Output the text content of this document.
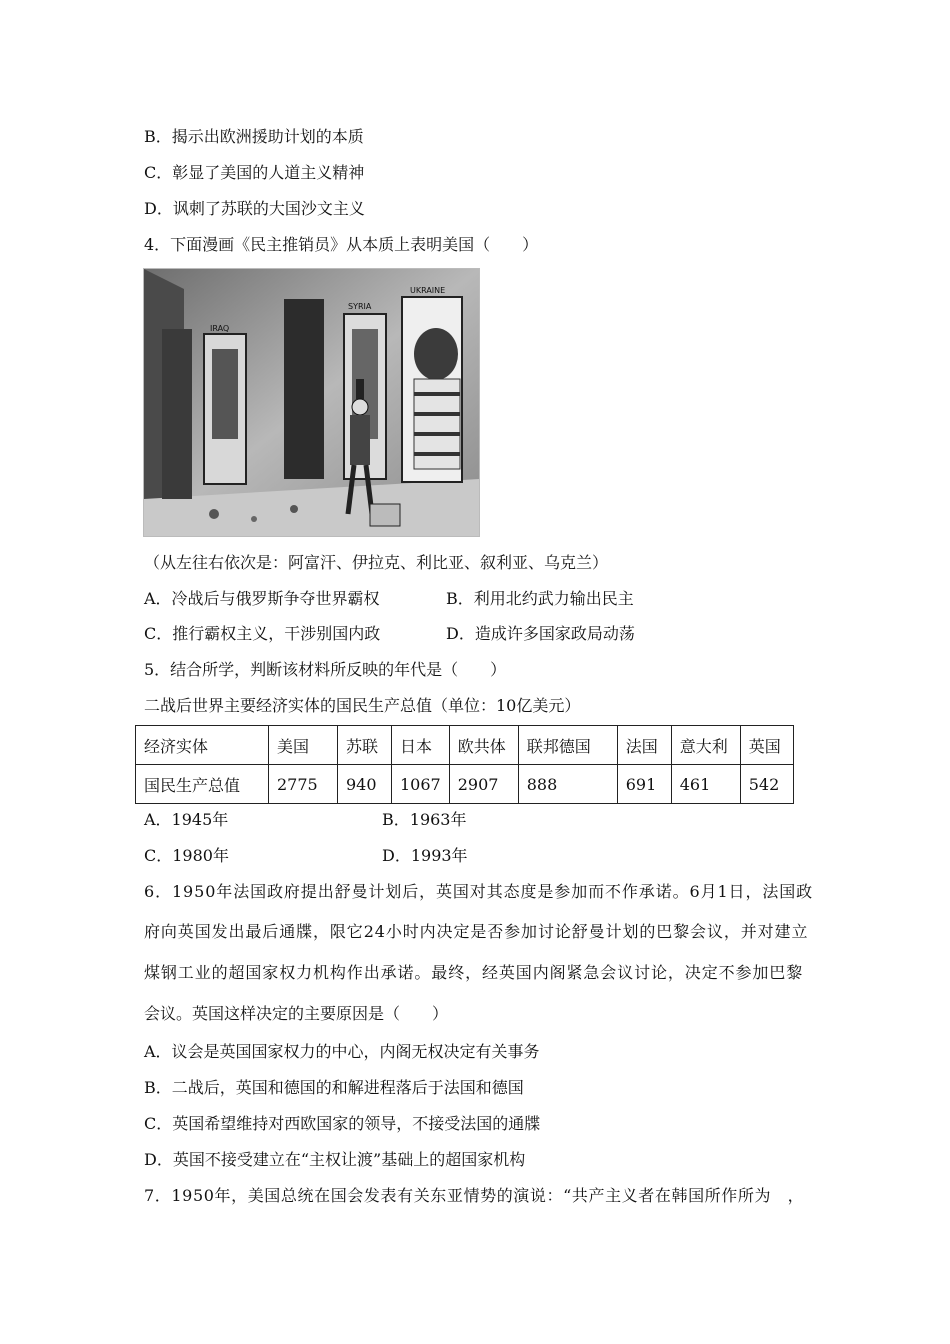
B．揭示出欧洲援助计划的本质
C．彰显了美国的人道主义精神
D．讽刺了苏联的大国沙文主义
4．下面漫画《民主推销员》从本质上表明美国（　　）
IRAQ
SYRIA
UKRAINE
（从左往右依次是：阿富汗、伊拉克、利比亚、叙利亚、乌克兰）
A．冷战后与俄罗斯争夺世界霸权	B．利用北约武力输出民主
C．推行霸权主义，干涉别国内政	D．造成许多国家政局动荡
5．结合所学，判断该材料所反映的年代是（　　）
二战后世界主要经济实体的国民生产总值（单位：10亿美元）
经济实体	美国	苏联	日本	欧共体	联邦德国	法国	意大利	英国
国民生产总值	2775	940	1067	2907	888	691	461	542
A．1945年	B．1963年
C．1980年	D．1993年
6．1950年法国政府提出舒曼计划后，英国对其态度是参加而不作承诺。6月1日，法国政
府向英国发出最后通牒，限它24小时内决定是否参加讨论舒曼计划的巴黎会议，并对建立
煤钢工业的超国家权力机构作出承诺。最终，经英国内阁紧急会议讨论，决定不参加巴黎
会议。英国这样决定的主要原因是（　　）
A．议会是英国国家权力的中心，内阁无权决定有关事务
B．二战后，英国和德国的和解进程落后于法国和德国
C．英国希望维持对西欧国家的领导，不接受法国的通牒
D．英国不接受建立在“主权让渡”基础上的超国家机构
7．1950年，美国总统在国会发表有关东亚情势的演说：“共产主义者在韩国所作所为　，
